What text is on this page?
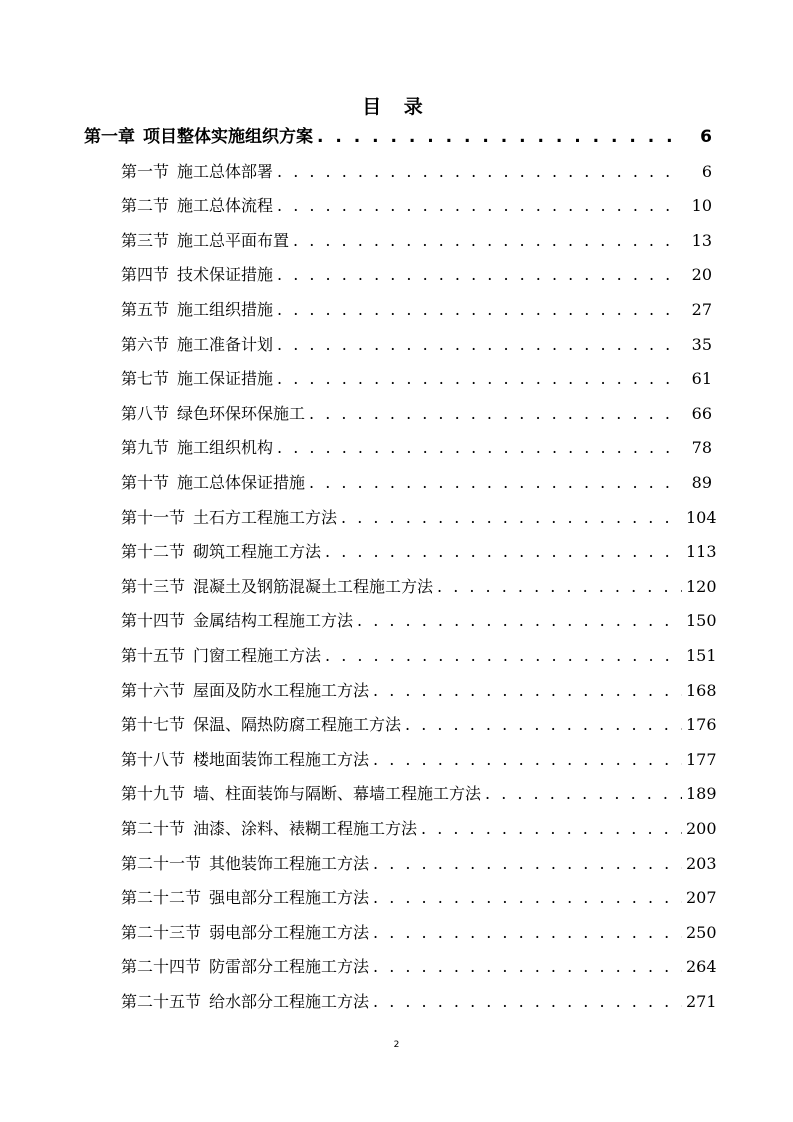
目 录
第一章 项目整体实施组织方案 . . .	6
第一节 施工总体部署 . . .	6
第二节 施工总体流程 . . .	10
第三节 施工总平面布置 . . .	13
第四节 技术保证措施 . . .	20
第五节 施工组织措施 . . .	27
第六节 施工准备计划 . . .	35
第七节 施工保证措施 . . .	61
第八节 绿色环保环保施工 . . .	66
第九节 施工组织机构 . . .	78
第十节 施工总体保证措施 . . .	89
第十一节 土石方工程施工方法 . . .	104
第十二节 砌筑工程施工方法 . . .	113
第十三节 混凝土及钢筋混凝土工程施工方法 . . .	120
第十四节 金属结构工程施工方法 . . .	150
第十五节 门窗工程施工方法 . . .	151
第十六节 屋面及防水工程施工方法 . . .	168
第十七节 保温、隔热防腐工程施工方法 . . .	176
第十八节 楼地面装饰工程施工方法 . . .	177
第十九节 墙、柱面装饰与隔断、幕墙工程施工方法 . . .	189
第二十节 油漆、涂料、裱糊工程施工方法 . . .	200
第二十一节 其他装饰工程施工方法 . . .	203
第二十二节 强电部分工程施工方法 . . .	207
第二十三节 弱电部分工程施工方法 . . .	250
第二十四节 防雷部分工程施工方法 . . .	264
第二十五节 给水部分工程施工方法 . . .	271
2
